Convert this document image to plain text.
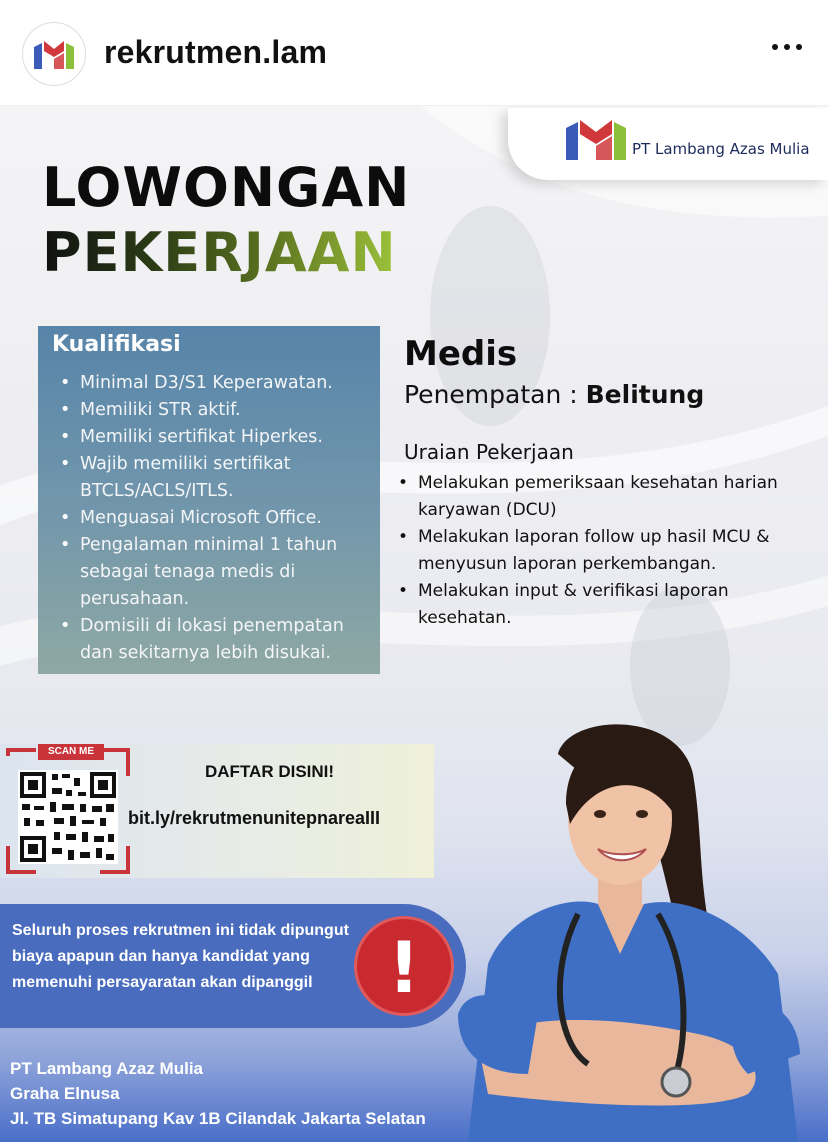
rekrutmen.lam
PT Lambang Azas Mulia
LOWONGAN
PEKERJAAN
Kualifikasi
• Minimal D3/S1 Keperawatan.
• Memiliki STR aktif.
• Memiliki sertifikat Hiperkes.
• Wajib memiliki sertifikat BTCLS/ACLS/ITLS.
• Menguasai Microsoft Office.
• Pengalaman minimal 1 tahun sebagai tenaga medis di perusahaan.
• Domisili di lokasi penempatan dan sekitarnya lebih disukai.
Medis
Penempatan : Belitung
Uraian Pekerjaan
• Melakukan pemeriksaan kesehatan harian karyawan (DCU)
• Melakukan laporan follow up hasil MCU & menyusun laporan perkembangan.
• Melakukan input & verifikasi laporan kesehatan.
SCAN ME
DAFTAR DISINI!
bit.ly/rekrutmenunitepnareaIII
Seluruh proses rekrutmen ini tidak dipungut biaya apapun dan hanya kandidat yang memenuhi persayaratan akan dipanggil	!
PT Lambang Azaz Mulia
Graha Elnusa
Jl. TB Simatupang Kav 1B Cilandak Jakarta Selatan
